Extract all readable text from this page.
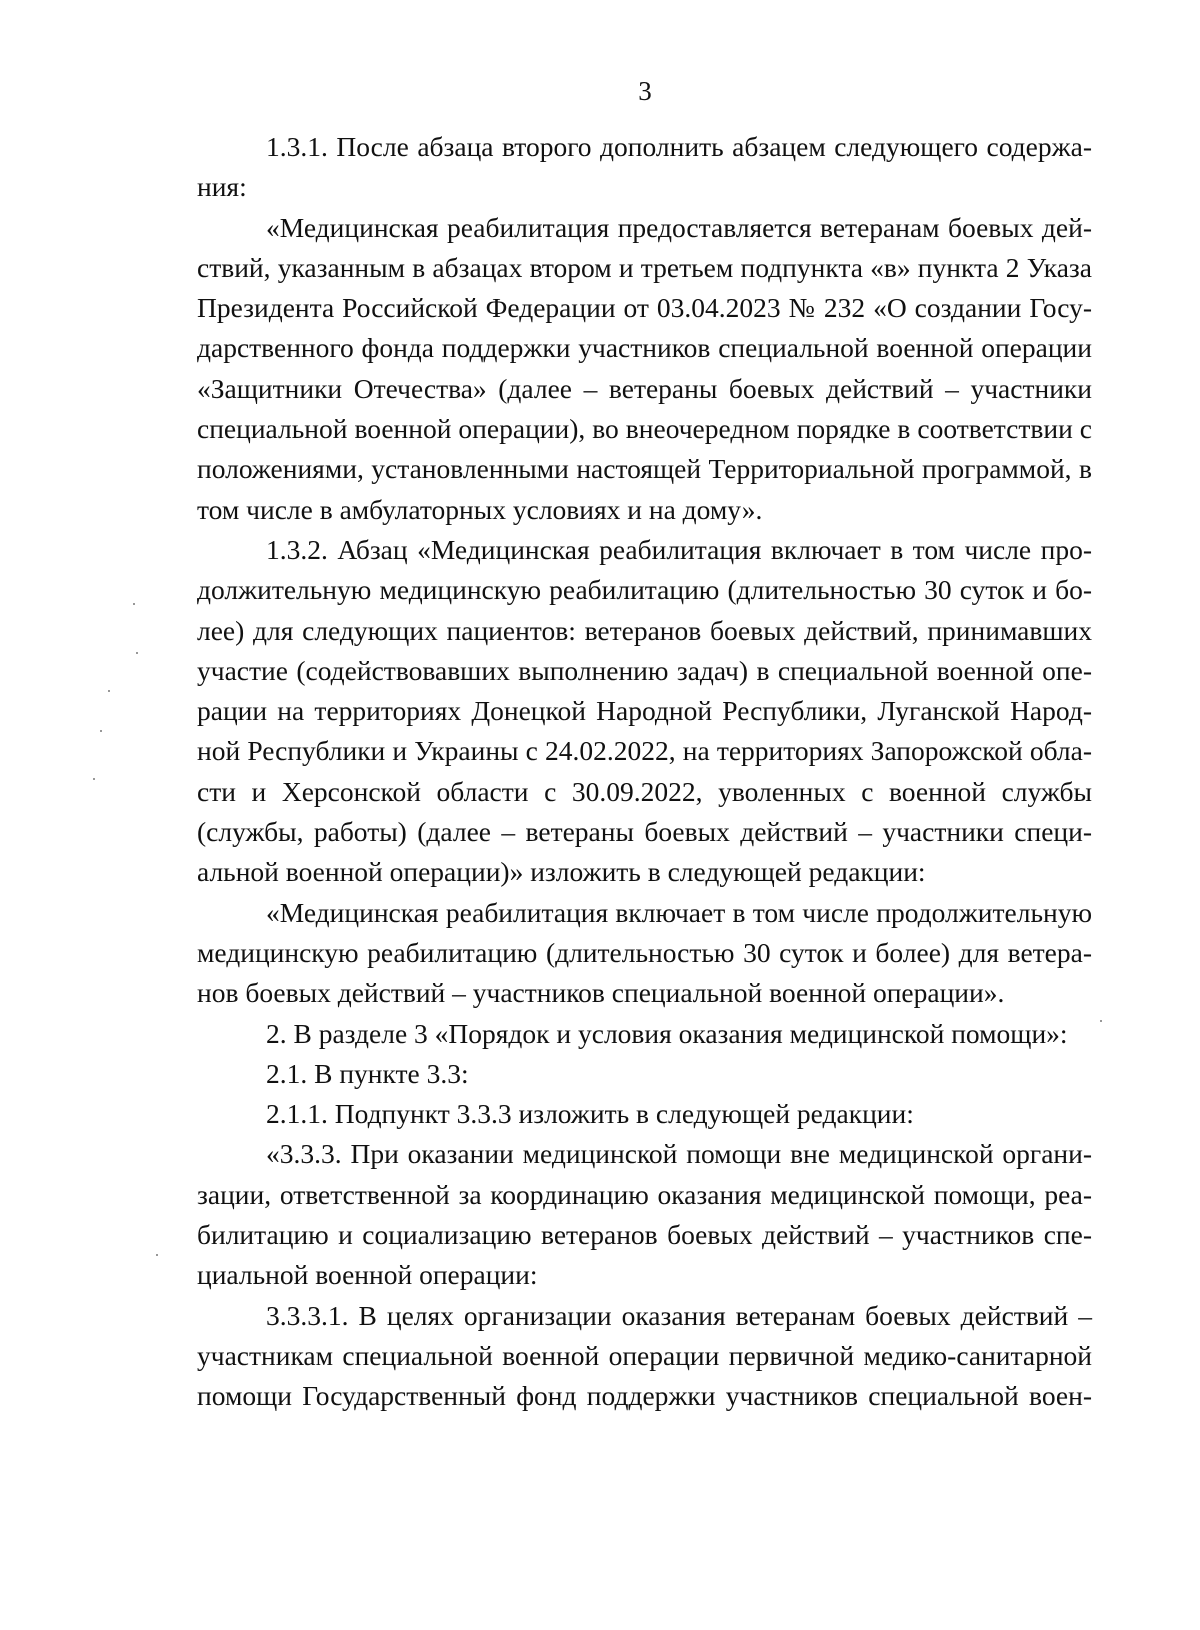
3

1.3.1. После абзаца второго дополнить абзацем следующего содержа-
ния:

«Медицинская реабилитация предоставляется ветеранам боевых дей-
ствий, указанным в абзацах втором и третьем подпункта «в» пункта 2 Указа
Президента Российской Федерации от 03.04.2023 № 232 «О создании Госу-
дарственного фонда поддержки участников специальной военной операции
«Защитники Отечества» (далее – ветераны боевых действий – участники
специальной военной операции), во внеочередном порядке в соответствии с
положениями, установленными настоящей Территориальной программой, в
том числе в амбулаторных условиях и на дому».

1.3.2. Абзац «Медицинская реабилитация включает в том числе про-
должительную медицинскую реабилитацию (длительностью 30 суток и бо-
лее) для следующих пациентов: ветеранов боевых действий, принимавших
участие (содействовавших выполнению задач) в специальной военной опе-
рации на территориях Донецкой Народной Республики, Луганской Народ-
ной Республики и Украины с 24.02.2022, на территориях Запорожской обла-
сти и Херсонской области с 30.09.2022, уволенных с военной службы
(службы, работы) (далее – ветераны боевых действий – участники специ-
альной военной операции)» изложить в следующей редакции:

«Медицинская реабилитация включает в том числе продолжительную
медицинскую реабилитацию (длительностью 30 суток и более) для ветера-
нов боевых действий – участников специальной военной операции».

2. В разделе 3 «Порядок и условия оказания медицинской помощи»:

2.1. В пункте 3.3:

2.1.1. Подпункт 3.3.3 изложить в следующей редакции:

«3.3.3. При оказании медицинской помощи вне медицинской органи-
зации, ответственной за координацию оказания медицинской помощи, реа-
билитацию и социализацию ветеранов боевых действий – участников спе-
циальной военной операции:

3.3.3.1. В целях организации оказания ветеранам боевых действий –
участникам специальной военной операции первичной медико-санитарной
помощи Государственный фонд поддержки участников специальной воен-
